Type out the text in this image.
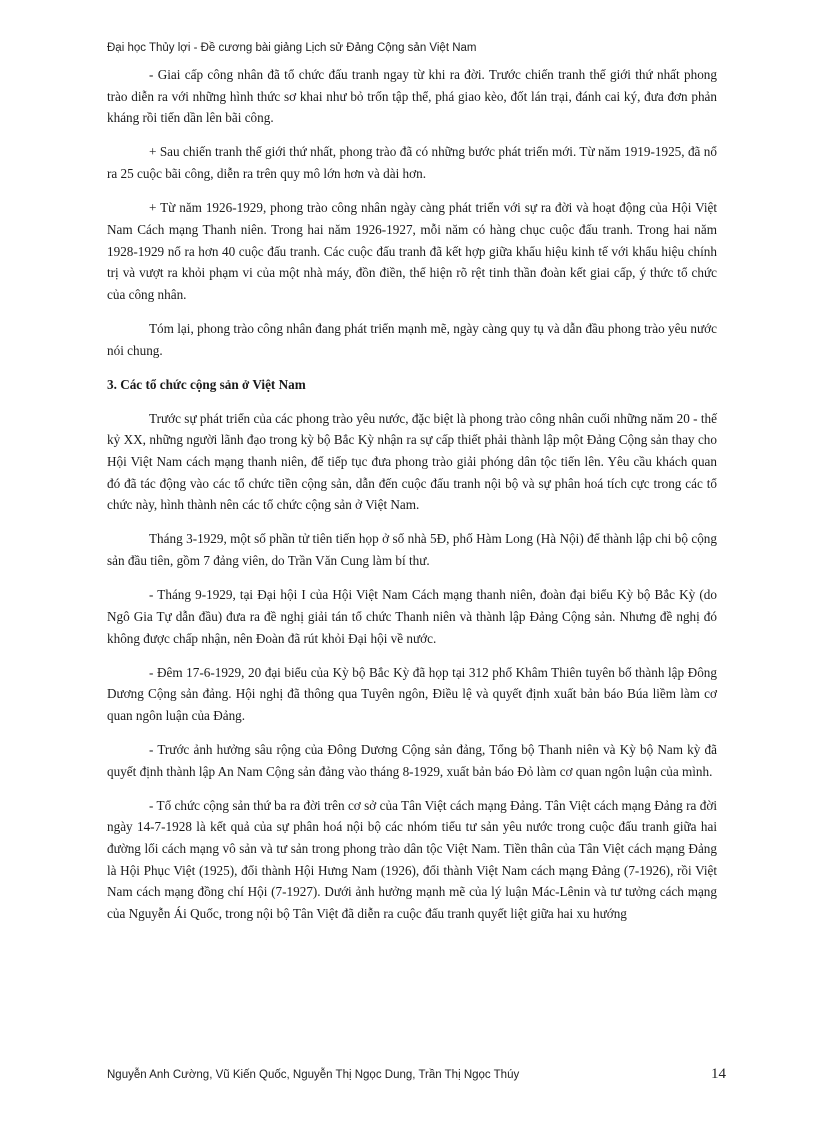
Đại học Thủy lợi - Đề cương bài giảng Lịch sử Đảng Cộng sản Việt Nam

- Giai cấp công nhân đã tổ chức đấu tranh ngay từ khi ra đời. Trước chiến tranh thế giới thứ nhất phong trào diễn ra với những hình thức sơ khai như bỏ trốn tập thể, phá giao kèo, đốt lán trại, đánh cai ký, đưa đơn phản kháng rồi tiến dần lên bãi công.

+ Sau chiến tranh thế giới thứ nhất, phong trào đã có những bước phát triển mới. Từ năm 1919-1925, đã nổ ra 25 cuộc bãi công, diễn ra trên quy mô lớn hơn và dài hơn.

+ Từ năm 1926-1929, phong trào công nhân ngày càng phát triển với sự ra đời và hoạt động của Hội Việt Nam Cách mạng Thanh niên. Trong hai năm 1926-1927, mỗi năm có hàng chục cuộc đấu tranh. Trong hai năm 1928-1929 nổ ra hơn 40 cuộc đấu tranh. Các cuộc đấu tranh đã kết hợp giữa khẩu hiệu kinh tế với khẩu hiệu chính trị và vượt ra khỏi phạm vi của một nhà máy, đồn điền, thể hiện rõ rệt tinh thần đoàn kết giai cấp, ý thức tổ chức của công nhân.

Tóm lại, phong trào công nhân đang phát triển mạnh mẽ, ngày càng quy tụ và dẫn đầu phong trào yêu nước nói chung.

3. Các tổ chức cộng sản ở Việt Nam

Trước sự phát triển của các phong trào yêu nước, đặc biệt là phong trào công nhân cuối những năm 20 - thế kỷ XX, những người lãnh đạo trong kỳ bộ Bắc Kỳ nhận ra sự cấp thiết phải thành lập một Đảng Cộng sản thay cho Hội Việt Nam cách mạng thanh niên, để tiếp tục đưa phong trào giải phóng dân tộc tiến lên. Yêu cầu khách quan đó đã tác động vào các tổ chức tiền cộng sản, dẫn đến cuộc đấu tranh nội bộ và sự phân hoá tích cực trong các tổ chức này, hình thành nên các tổ chức cộng sản ở Việt Nam.

Tháng 3-1929, một số phần tử tiên tiến họp ở số nhà 5Đ, phố Hàm Long (Hà Nội) để thành lập chi bộ cộng sản đầu tiên, gồm 7 đảng viên, do Trần Văn Cung làm bí thư.

- Tháng 9-1929, tại Đại hội I của Hội Việt Nam Cách mạng thanh niên, đoàn đại biểu Kỳ bộ Bắc Kỳ (do Ngô Gia Tự dẫn đầu) đưa ra đề nghị giải tán tổ chức Thanh niên và thành lập Đảng Cộng sản. Nhưng đề nghị đó không được chấp nhận, nên Đoàn đã rút khỏi Đại hội về nước.

- Đêm 17-6-1929, 20 đại biểu của Kỳ bộ Bắc Kỳ đã họp tại 312 phố Khâm Thiên tuyên bố thành lập Đông Dương Cộng sản đảng. Hội nghị đã thông qua Tuyên ngôn, Điều lệ và quyết định xuất bản báo Búa liềm làm cơ quan ngôn luận của Đảng.

- Trước ảnh hưởng sâu rộng của Đông Dương Cộng sản đảng, Tổng bộ Thanh niên và Kỳ bộ Nam kỳ đã quyết định thành lập An Nam Cộng sản đảng vào tháng 8-1929, xuất bản báo Đỏ làm cơ quan ngôn luận của mình.

- Tổ chức cộng sản thứ ba ra đời trên cơ sở của Tân Việt cách mạng Đảng. Tân Việt cách mạng Đảng ra đời ngày 14-7-1928 là kết quả của sự phân hoá nội bộ các nhóm tiểu tư sản yêu nước trong cuộc đấu tranh giữa hai đường lối cách mạng vô sản và tư sản trong phong trào dân tộc Việt Nam. Tiền thân của Tân Việt cách mạng Đảng là Hội Phục Việt (1925), đổi thành Hội Hưng Nam (1926), đổi thành Việt Nam cách mạng Đảng (7-1926), rồi Việt Nam cách mạng đồng chí Hội (7-1927). Dưới ảnh hưởng mạnh mẽ của lý luận Mác-Lênin và tư tưởng cách mạng của Nguyễn Ái Quốc, trong nội bộ Tân Việt đã diễn ra cuộc đấu tranh quyết liệt giữa hai xu hướng

Nguyễn Anh Cường, Vũ Kiến Quốc, Nguyễn Thị Ngọc Dung, Trần Thị Ngọc Thúy	14
